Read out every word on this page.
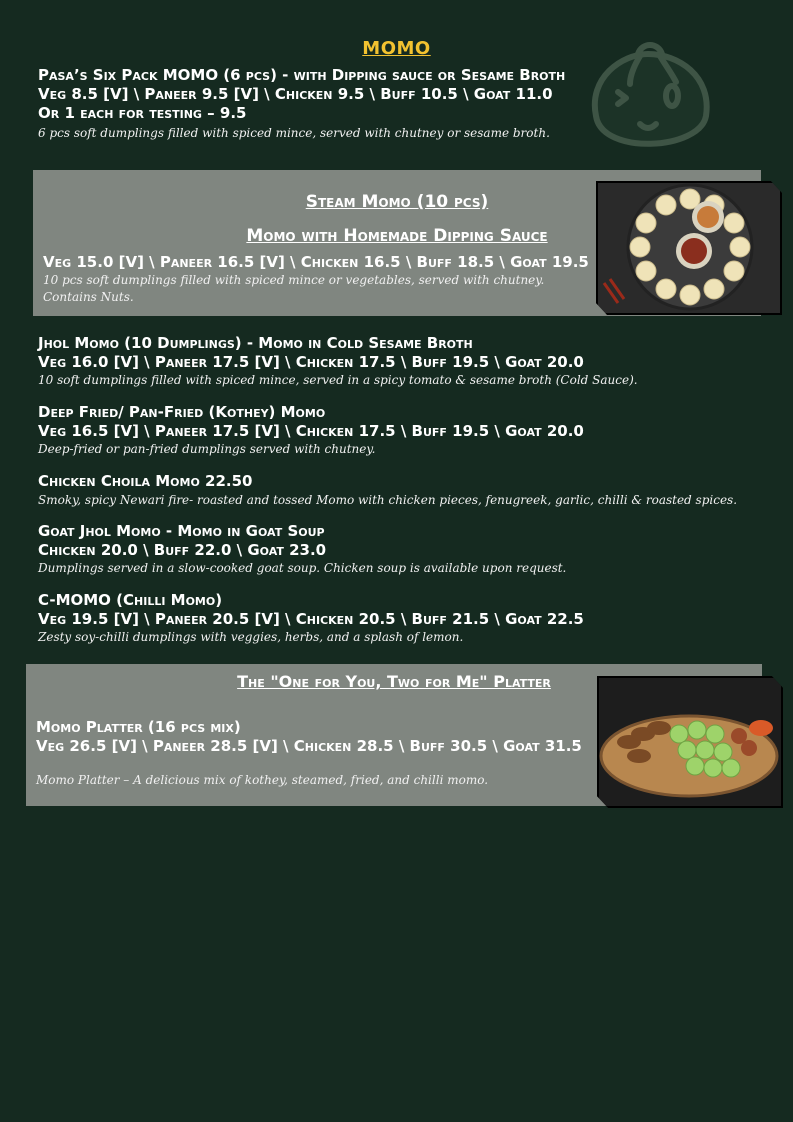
MOMO

Pasa’s Six Pack MOMO (6 pcs) - with Dipping sauce or Sesame Broth

Veg 8.5 [V] \ Paneer 9.5 [V] \ Chicken 9.5 \ Buff 10.5 \ Goat 11.0

Or 1 each for testing – 9.5

6 pcs soft dumplings filled with spiced mince, served with chutney or sesame broth.

Steam Momo (10 pcs)
Momo with Homemade Dipping Sauce

Veg 15.0 [V] \ Paneer 16.5 [V] \ Chicken 16.5 \ Buff 18.5 \ Goat 19.5

10 pcs soft dumplings filled with spiced mince or vegetables, served with chutney.

Contains Nuts.

Jhol Momo (10 Dumplings) - Momo in Cold Sesame Broth

Veg 16.0 [V] \ Paneer 17.5 [V] \ Chicken 17.5 \ Buff 19.5 \ Goat 20.0

10 soft dumplings filled with spiced mince, served in a spicy tomato & sesame broth (Cold Sauce).

Deep Fried/ Pan-Fried (Kothey) Momo

Veg 16.5 [V] \ Paneer 17.5 [V] \ Chicken 17.5 \ Buff 19.5 \ Goat 20.0

Deep-fried or pan-fried dumplings served with chutney.

Chicken Choila Momo 22.50

Smoky, spicy Newari fire- roasted and tossed Momo with chicken pieces, fenugreek, garlic, chilli & roasted spices.

Goat Jhol Momo - Momo in Goat Soup

Chicken 20.0 \ Buff 22.0 \ Goat 23.0

Dumplings served in a slow-cooked goat soup. Chicken soup is available upon request.

C-MOMO (Chilli Momo)

Veg 19.5 [V] \ Paneer 20.5 [V] \ Chicken 20.5 \ Buff 21.5 \ Goat 22.5

Zesty soy-chilli dumplings with veggies, herbs, and a splash of lemon.

The "One for You, Two for Me" Platter

Momo Platter (16 pcs mix)

Veg 26.5 [V] \ Paneer 28.5 [V] \ Chicken 28.5 \ Buff 30.5 \ Goat 31.5

Momo Platter – A delicious mix of kothey, steamed, fried, and chilli momo.
